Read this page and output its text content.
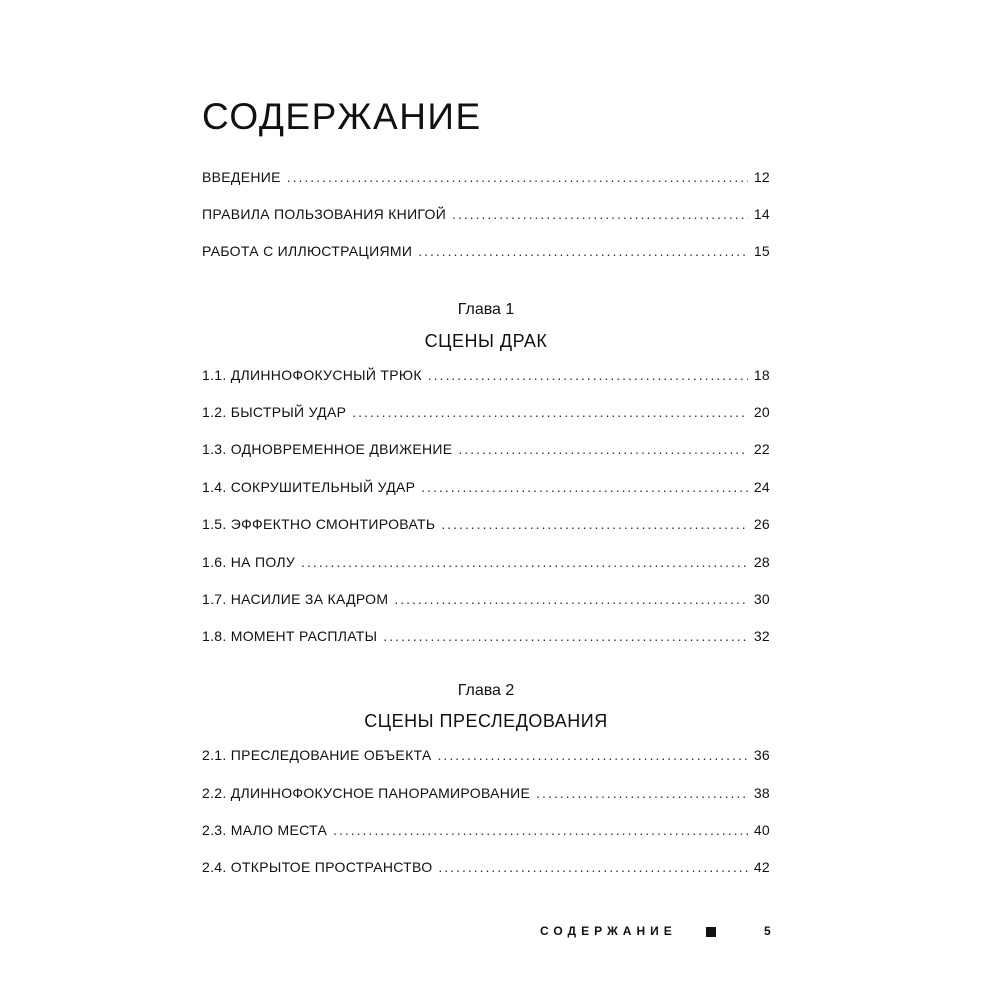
СОДЕРЖАНИЕ
ВВЕДЕНИЕ .....	12
ПРАВИЛА ПОЛЬЗОВАНИЯ КНИГОЙ .....	14
РАБОТА С ИЛЛЮСТРАЦИЯМИ .....	15
Глава 1
СЦЕНЫ ДРАК
1.1. ДЛИННОФОКУСНЫЙ ТРЮК .....	18
1.2. БЫСТРЫЙ УДАР .....	20
1.3. ОДНОВРЕМЕННОЕ ДВИЖЕНИЕ .....	22
1.4. СОКРУШИТЕЛЬНЫЙ УДАР .....	24
1.5. ЭФФЕКТНО СМОНТИРОВАТЬ .....	26
1.6. НА ПОЛУ .....	28
1.7. НАСИЛИЕ ЗА КАДРОМ .....	30
1.8. МОМЕНТ РАСПЛАТЫ .....	32
Глава 2
СЦЕНЫ ПРЕСЛЕДОВАНИЯ
2.1. ПРЕСЛЕДОВАНИЕ ОБЪЕКТА .....	36
2.2. ДЛИННОФОКУСНОЕ ПАНОРАМИРОВАНИЕ .....	38
2.3. МАЛО МЕСТА .....	40
2.4. ОТКРЫТОЕ ПРОСТРАНСТВО .....	42
СОДЕРЖАНИЕ	5
